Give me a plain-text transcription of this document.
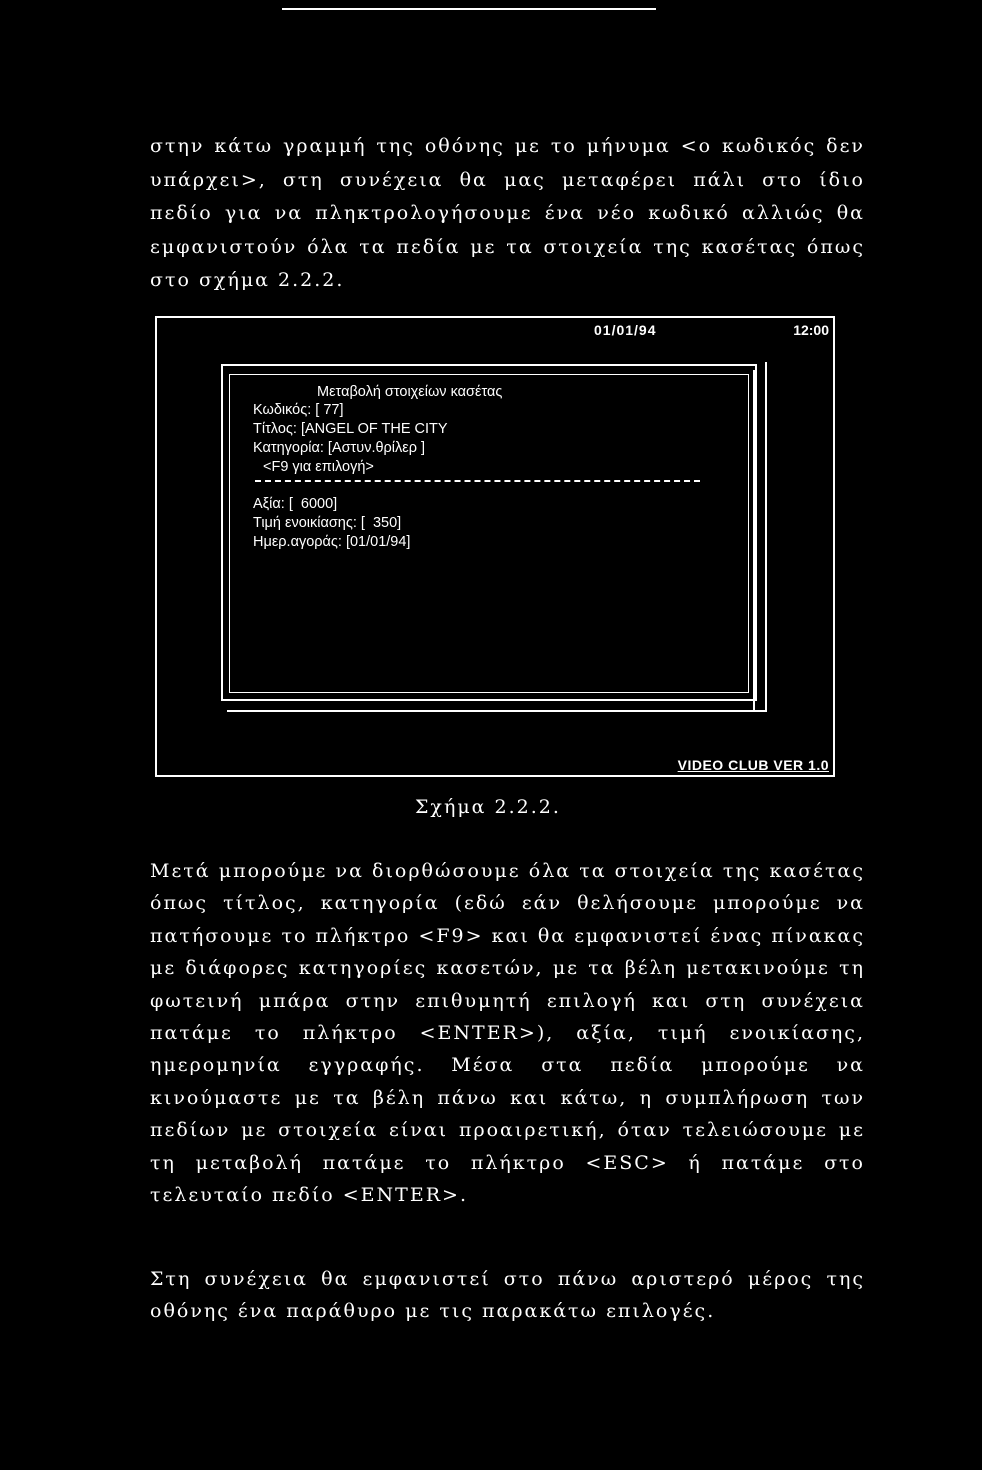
στην κάτω γραμμή της οθόνης με το μήνυμα <ο κωδικός δεν υπάρχει>, στη συνέχεια θα μας μεταφέρει πάλι στο ίδιο πεδίο για να πληκτρολογήσουμε ένα νέο κωδικό αλλιώς θα εμφανιστούν όλα τα πεδία με τα στοιχεία της κασέτας όπως στο σχήμα 2.2.2.

01/01/94	12:00
Μεταβολή στοιχείων κασέτας
Κωδικός: [ 77]
Τίτλος: [ANGEL OF THE CITY
Κατηγορία: [Αστυν.θρίλερ ]
<F9 για επιλογή>
Αξία: [  6000]
Τιμή ενοικίασης: [  350]
Ημερ.αγοράς: [01/01/94]
VIDEO CLUB VER 1.0
Σχήμα 2.2.2.

Μετά μπορούμε να διορθώσουμε όλα τα στοιχεία της κασέτας όπως τίτλος, κατηγορία (εδώ εάν θελήσουμε μπορούμε να πατήσουμε το πλήκτρο <F9> και θα εμφανιστεί ένας πίνακας με διάφορες κατηγορίες κασετών, με τα βέλη μετακινούμε τη φωτεινή μπάρα στην επιθυμητή επιλογή και στη συνέχεια πατάμε το πλήκτρο <ENTER>), αξία, τιμή ενοικίασης, ημερομηνία εγγραφής. Μέσα στα πεδία μπορούμε να κινούμαστε με τα βέλη πάνω και κάτω, η συμπλήρωση των πεδίων με στοιχεία είναι προαιρετική, όταν τελειώσουμε με τη μεταβολή πατάμε το πλήκτρο <ESC> ή πατάμε στο τελευταίο πεδίο <ENTER>.

Στη συνέχεια θα εμφανιστεί στο πάνω αριστερό μέρος της οθόνης ένα παράθυρο με τις παρακάτω επιλογές.
